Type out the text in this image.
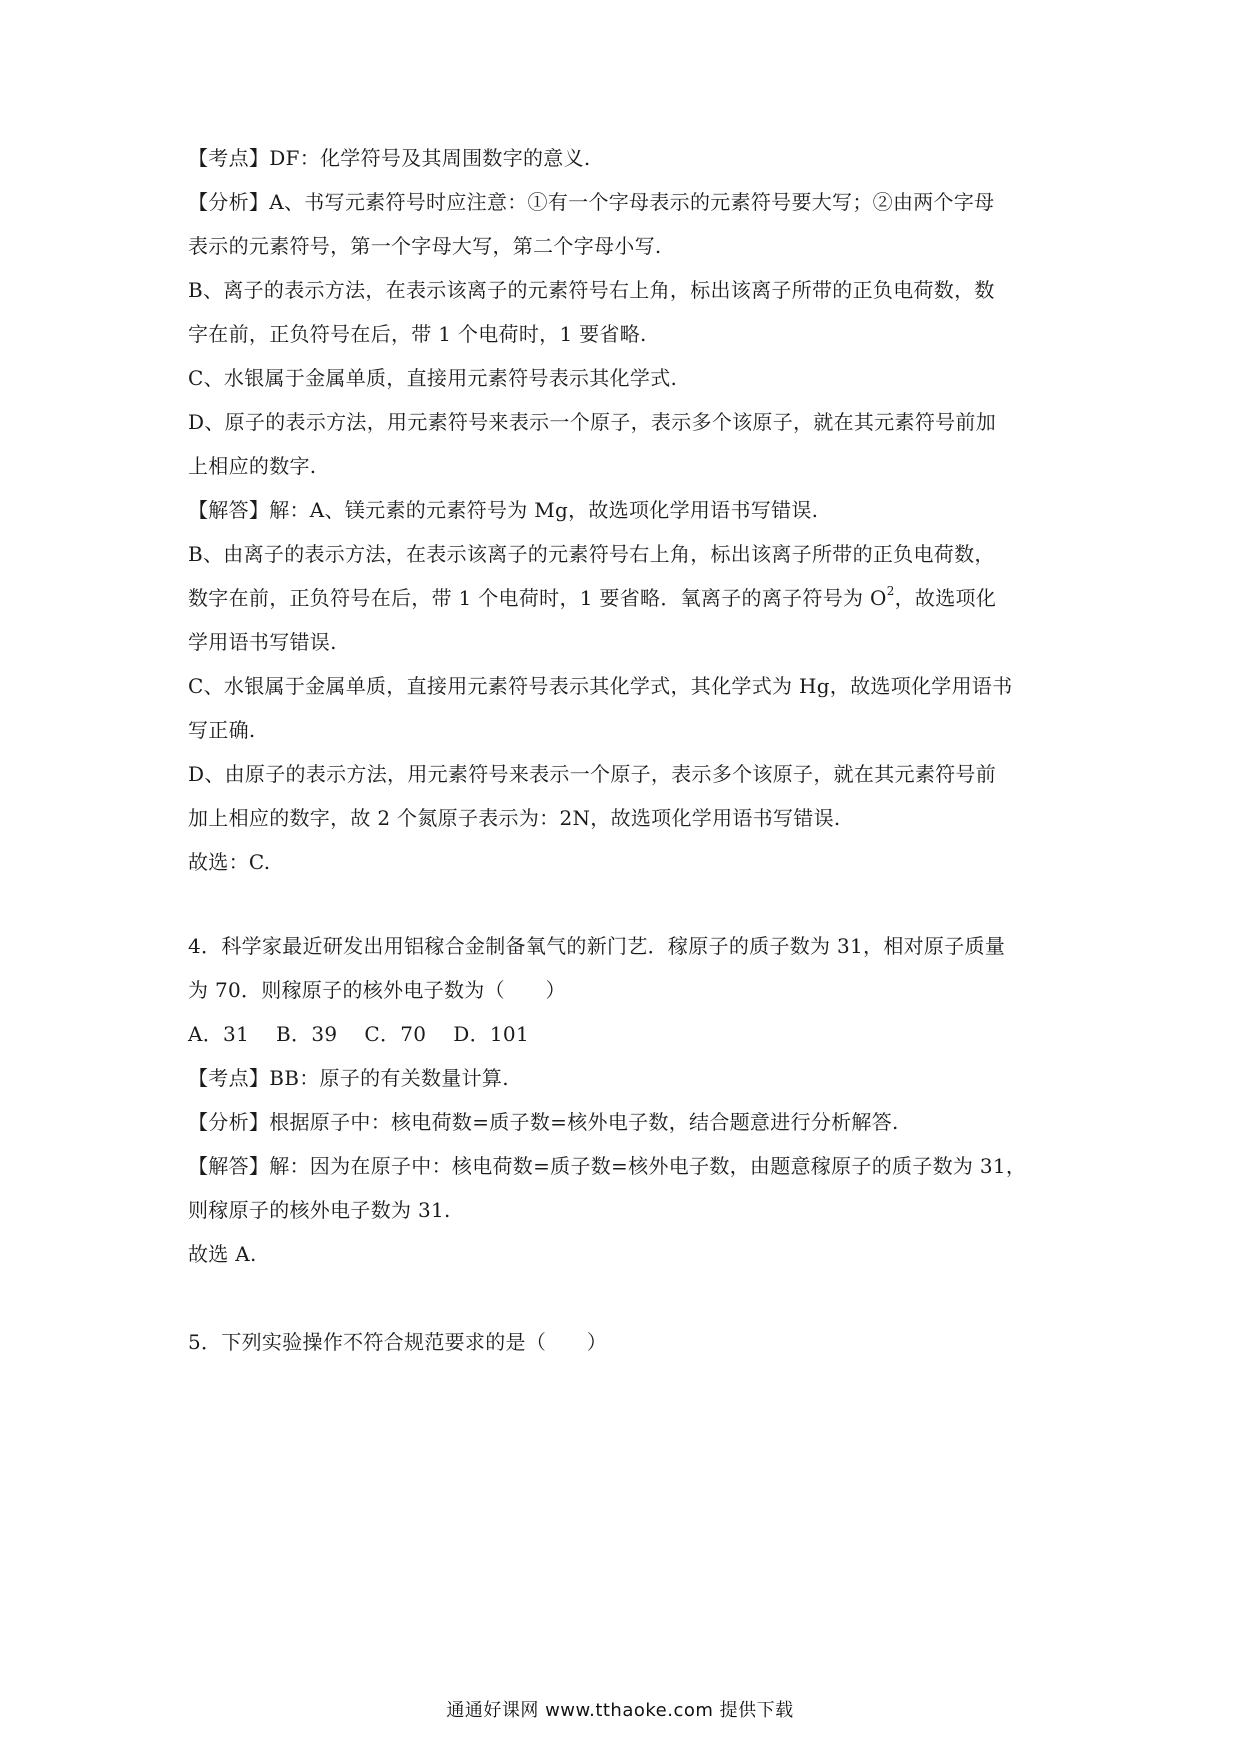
【考点】DF：化学符号及其周围数字的意义.
【分析】A、书写元素符号时应注意：①有一个字母表示的元素符号要大写；②由两个字母
表示的元素符号，第一个字母大写，第二个字母小写.
B、离子的表示方法，在表示该离子的元素符号右上角，标出该离子所带的正负电荷数，数
字在前，正负符号在后，带 1 个电荷时，1 要省略.
C、水银属于金属单质，直接用元素符号表示其化学式.
D、原子的表示方法，用元素符号来表示一个原子，表示多个该原子，就在其元素符号前加
上相应的数字.
【解答】解：A、镁元素的元素符号为 Mg，故选项化学用语书写错误.
B、由离子的表示方法，在表示该离子的元素符号右上角，标出该离子所带的正负电荷数，
数字在前，正负符号在后，带 1 个电荷时，1 要省略．氧离子的离子符号为 $O^2$，故选项化
学用语书写错误.
C、水银属于金属单质，直接用元素符号表示其化学式，其化学式为 Hg，故选项化学用语书
写正确.
D、由原子的表示方法，用元素符号来表示一个原子，表示多个该原子，就在其元素符号前
加上相应的数字，故 2 个氮原子表示为：2N，故选项化学用语书写错误.
故选：C.
4．科学家最近研发出用铝稼合金制备氧气的新门艺．稼原子的质子数为 31，相对原子质量
为 70．则稼原子的核外电子数为（　　）
A．31　 B．39　 C．70　 D．101
【考点】BB：原子的有关数量计算.
【分析】根据原子中：核电荷数=质子数=核外电子数，结合题意进行分析解答.
【解答】解：因为在原子中：核电荷数=质子数=核外电子数，由题意稼原子的质子数为 31，
则稼原子的核外电子数为 31.
故选 A.
5．下列实验操作不符合规范要求的是（　　）
通通好课网 www.tthaoke.com 提供下载
